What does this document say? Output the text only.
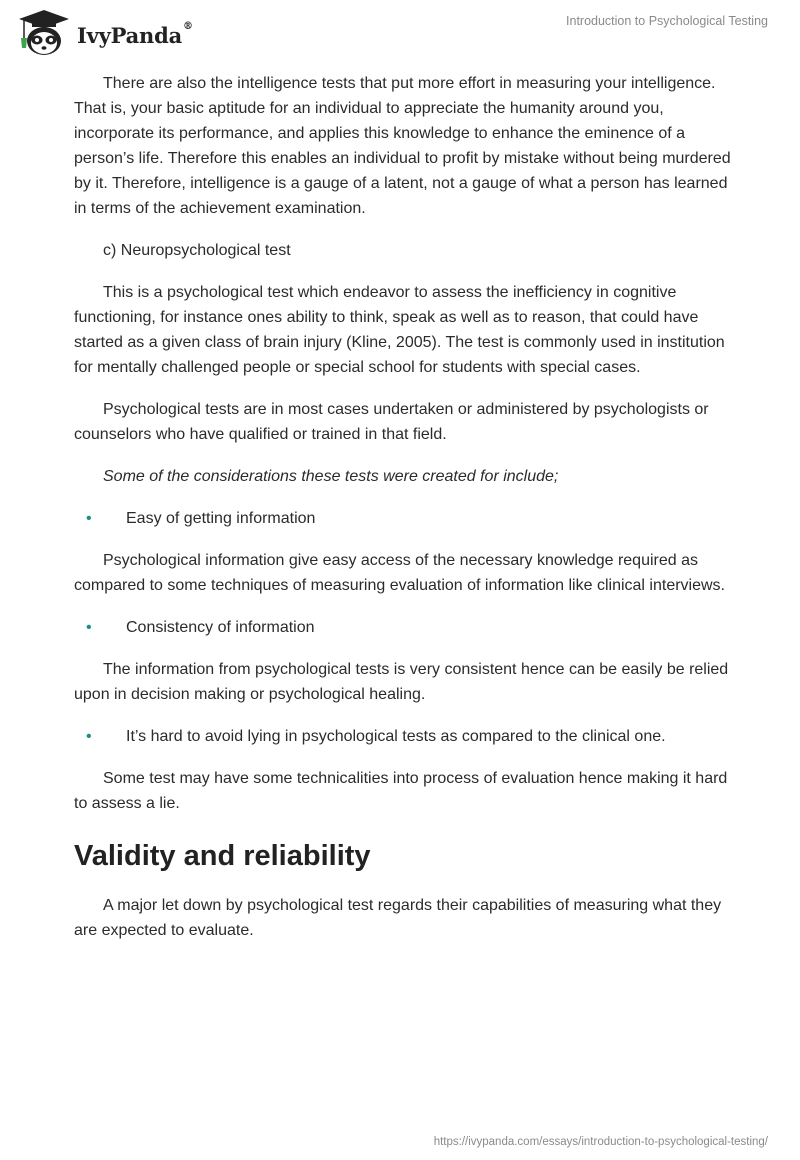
IvyPanda®	Introduction to Psychological Testing

There are also the intelligence tests that put more effort in measuring your intelligence. That is, your basic aptitude for an individual to appreciate the humanity around you, incorporate its performance, and applies this knowledge to enhance the eminence of a person’s life. Therefore this enables an individual to profit by mistake without being murdered by it. Therefore, intelligence is a gauge of a latent, not a gauge of what a person has learned in terms of the achievement examination.

c) Neuropsychological test

This is a psychological test which endeavor to assess the inefficiency in cognitive functioning, for instance ones ability to think, speak as well as to reason, that could have started as a given class of brain injury (Kline, 2005). The test is commonly used in institution for mentally challenged people or special school for students with special cases.

Psychological tests are in most cases undertaken or administered by psychologists or counselors who have qualified or trained in that field.

Some of the considerations these tests were created for include;

• Easy of getting information

Psychological information give easy access of the necessary knowledge required as compared to some techniques of measuring evaluation of information like clinical interviews.

• Consistency of information

The information from psychological tests is very consistent hence can be easily be relied upon in decision making or psychological healing.

• It’s hard to avoid lying in psychological tests as compared to the clinical one.

Some test may have some technicalities into process of evaluation hence making it hard to assess a lie.

Validity and reliability

A major let down by psychological test regards their capabilities of measuring what they are expected to evaluate.

https://ivypanda.com/essays/introduction-to-psychological-testing/
